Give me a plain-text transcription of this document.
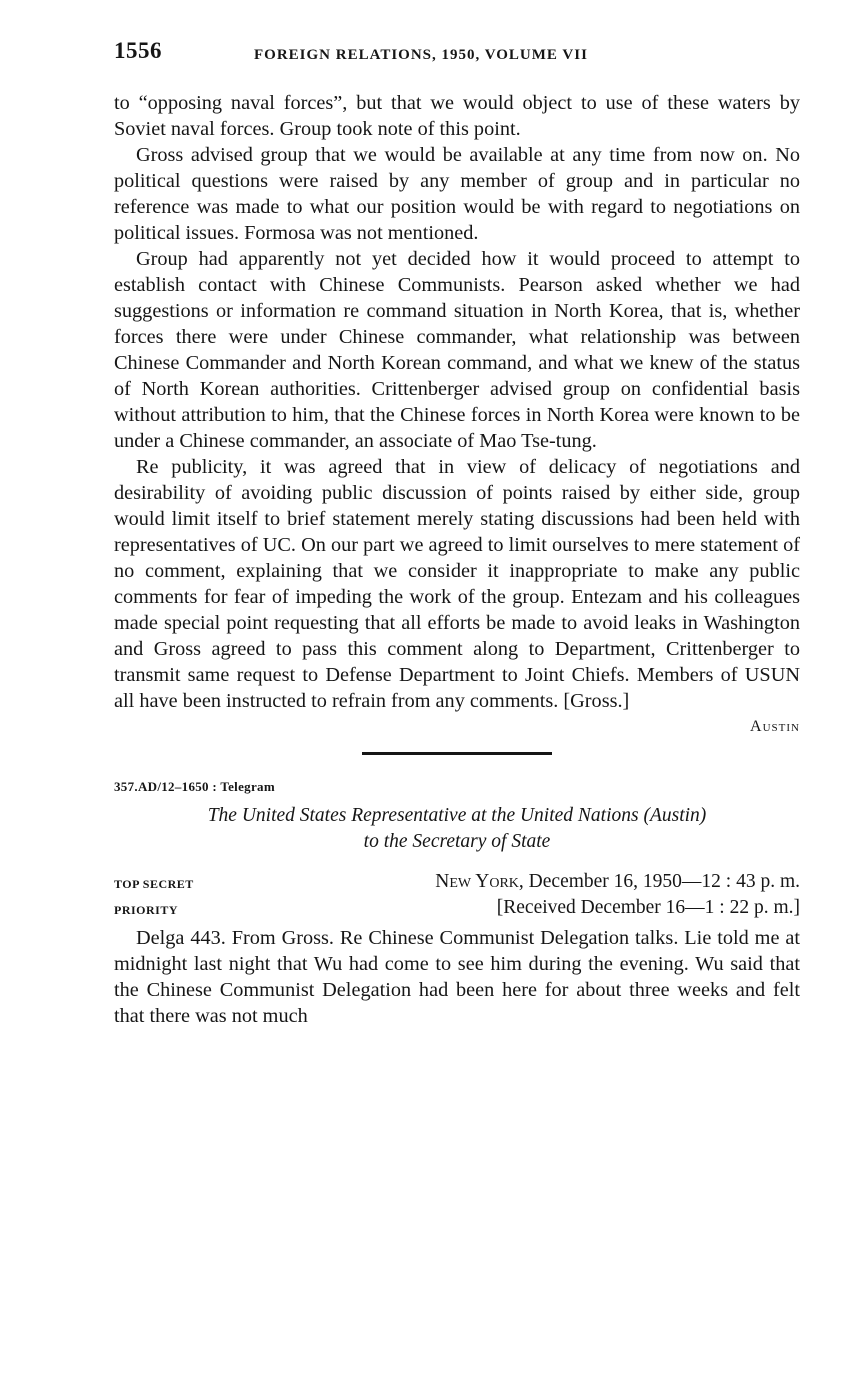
1556	FOREIGN RELATIONS, 1950, VOLUME VII

to “opposing naval forces”, but that we would object to use of these waters by Soviet naval forces. Group took note of this point.

Gross advised group that we would be available at any time from now on. No political questions were raised by any member of group and in particular no reference was made to what our position would be with regard to negotiations on political issues. Formosa was not mentioned.

Group had apparently not yet decided how it would proceed to attempt to establish contact with Chinese Communists. Pearson asked whether we had suggestions or information re command situation in North Korea, that is, whether forces there were under Chinese commander, what relationship was between Chinese Commander and North Korean command, and what we knew of the status of North Korean authorities. Crittenberger advised group on confidential basis without attribution to him, that the Chinese forces in North Korea were known to be under a Chinese commander, an associate of Mao Tse-tung.

Re publicity, it was agreed that in view of delicacy of negotiations and desirability of avoiding public discussion of points raised by either side, group would limit itself to brief statement merely stating discussions had been held with representatives of UC. On our part we agreed to limit ourselves to mere statement of no comment, explaining that we consider it inappropriate to make any public comments for fear of impeding the work of the group. Entezam and his colleagues made special point requesting that all efforts be made to avoid leaks in Washington and Gross agreed to pass this comment along to Department, Crittenberger to transmit same request to Defense Department to Joint Chiefs. Members of USUN all have been instructed to refrain from any comments. [Gross.]

Austin
357.AD/12–1650 : Telegram
The United States Representative at the United Nations (Austin)
to the Secretary of State
TOP SECRET	New York, December 16, 1950—12 : 43 p. m.
PRIORITY	[Received December 16—1 : 22 p. m.]

Delga 443. From Gross. Re Chinese Communist Delegation talks. Lie told me at midnight last night that Wu had come to see him during the evening. Wu said that the Chinese Communist Delegation had been here for about three weeks and felt that there was not much
